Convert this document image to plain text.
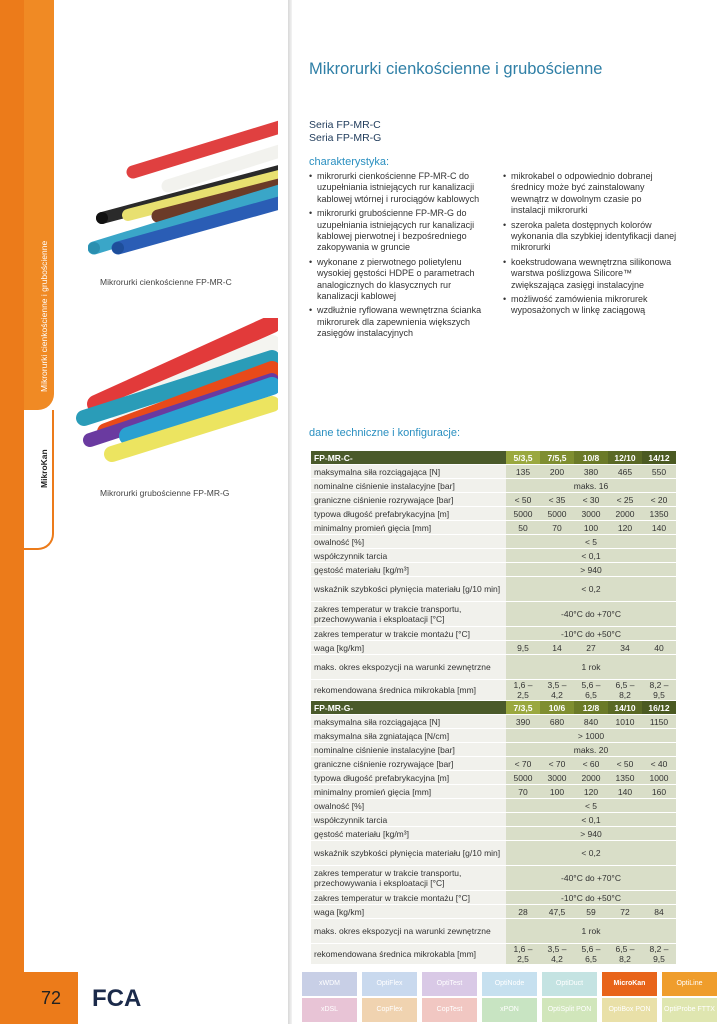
Mikrorurki cienkościenne i grubościenne
MikroKan
Mikrorurki cienkościenne FP-MR-C
Mikrorurki grubościenne FP-MR-G
Mikrorurki cienkościenne i grubościenne
Seria FP-MR-C
Seria FP-MR-G
charakterystyka:
• mikrorurki cienkościenne FP-MR-C do uzupełniania istniejących rur kanalizacji kablowej wtórnej i rurociągów kablowych
• mikrorurki grubościenne FP-MR-G do uzupełniania istniejących rur kanalizacji kablowej pierwotnej i bezpośredniego zakopywania w gruncie
• wykonane z pierwotnego polietylenu wysokiej gęstości HDPE o parametrach analogicznych do klasycznych rur kanalizacji kablowej
• wzdłużnie ryflowana wewnętrzna ścianka mikrorurek dla zapewnienia większych zasięgów instalacyjnych
• mikrokabel o odpowiednio dobranej średnicy może być zainstalowany wewnątrz w dowolnym czasie po instalacji mikrorurki
• szeroka paleta dostępnych kolorów wykonania dla szybkiej identyfikacji danej mikrorurki
• koekstrudowana wewnętrzna silikonowa warstwa poślizgowa Silicore™ zwiększająca zasięgi instalacyjne
• możliwość zamówienia mikrorurek wyposażonych w linkę zaciągową
dane techniczne i konfiguracje:
FP-MR-C-	5/3,5	7/5,5	10/8	12/10	14/12
maksymalna siła rozciągająca [N]	135	200	380	465	550
nominalne ciśnienie instalacyjne [bar]	maks. 16				
graniczne ciśnienie rozrywające [bar]	< 50	< 35	< 30	< 25	< 20
typowa długość prefabrykacyjna [m]	5000	5000	3000	2000	1350
minimalny promień gięcia [mm]	50	70	100	120	140
owalność [%]	< 5				
współczynnik tarcia	< 0,1				
gęstość materiału [kg/m³]	> 940				
wskaźnik szybkości płynięcia materiału [g/10 min]	< 0,2				
zakres temperatur w trakcie transportu, przechowywania i eksploatacji [°C]	-40°C do +70°C				
zakres temperatur w trakcie montażu [°C]	-10°C do +50°C				
waga [kg/km]	9,5	14	27	34	40
maks. okres ekspozycji na warunki zewnętrzne	1 rok				
rekomendowana średnica mikrokabla [mm]	1,6 – 2,5	3,5 – 4,2	5,6 – 6,5	6,5 – 8,2	8,2 – 9,5
FP-MR-G-	7/3,5	10/6	12/8	14/10	16/12
maksymalna siła rozciągająca [N]	390	680	840	1010	1150
maksymalna siła zgniatająca [N/cm]	> 1000				
nominalne ciśnienie instalacyjne [bar]	maks. 20				
graniczne ciśnienie rozrywające [bar]	< 70	< 70	< 60	< 50	< 40
typowa długość prefabrykacyjna [m]	5000	3000	2000	1350	1000
minimalny promień gięcia [mm]	70	100	120	140	160
owalność [%]	< 5				
współczynnik tarcia	< 0,1				
gęstość materiału [kg/m³]	> 940				
wskaźnik szybkości płynięcia materiału [g/10 min]	< 0,2				
zakres temperatur w trakcie transportu, przechowywania i eksploatacji [°C]	-40°C do +70°C				
zakres temperatur w trakcie montażu [°C]	-10°C do +50°C				
waga [kg/km]	28	47,5	59	72	84
maks. okres ekspozycji na warunki zewnętrzne	1 rok				
rekomendowana średnica mikrokabla [mm]	1,6 – 2,5	3,5 – 4,2	5,6 – 6,5	6,5 – 8,2	8,2 – 9,5
72	FCA
xWDM	OptiFlex	OptiTest	OptiNode	OptiDuct	MicroKan	OptiLine
xDSL	CopFlex	CopTest	xPON	OptiSplit PON	OptiBox PON	OptiProbe FTTX
